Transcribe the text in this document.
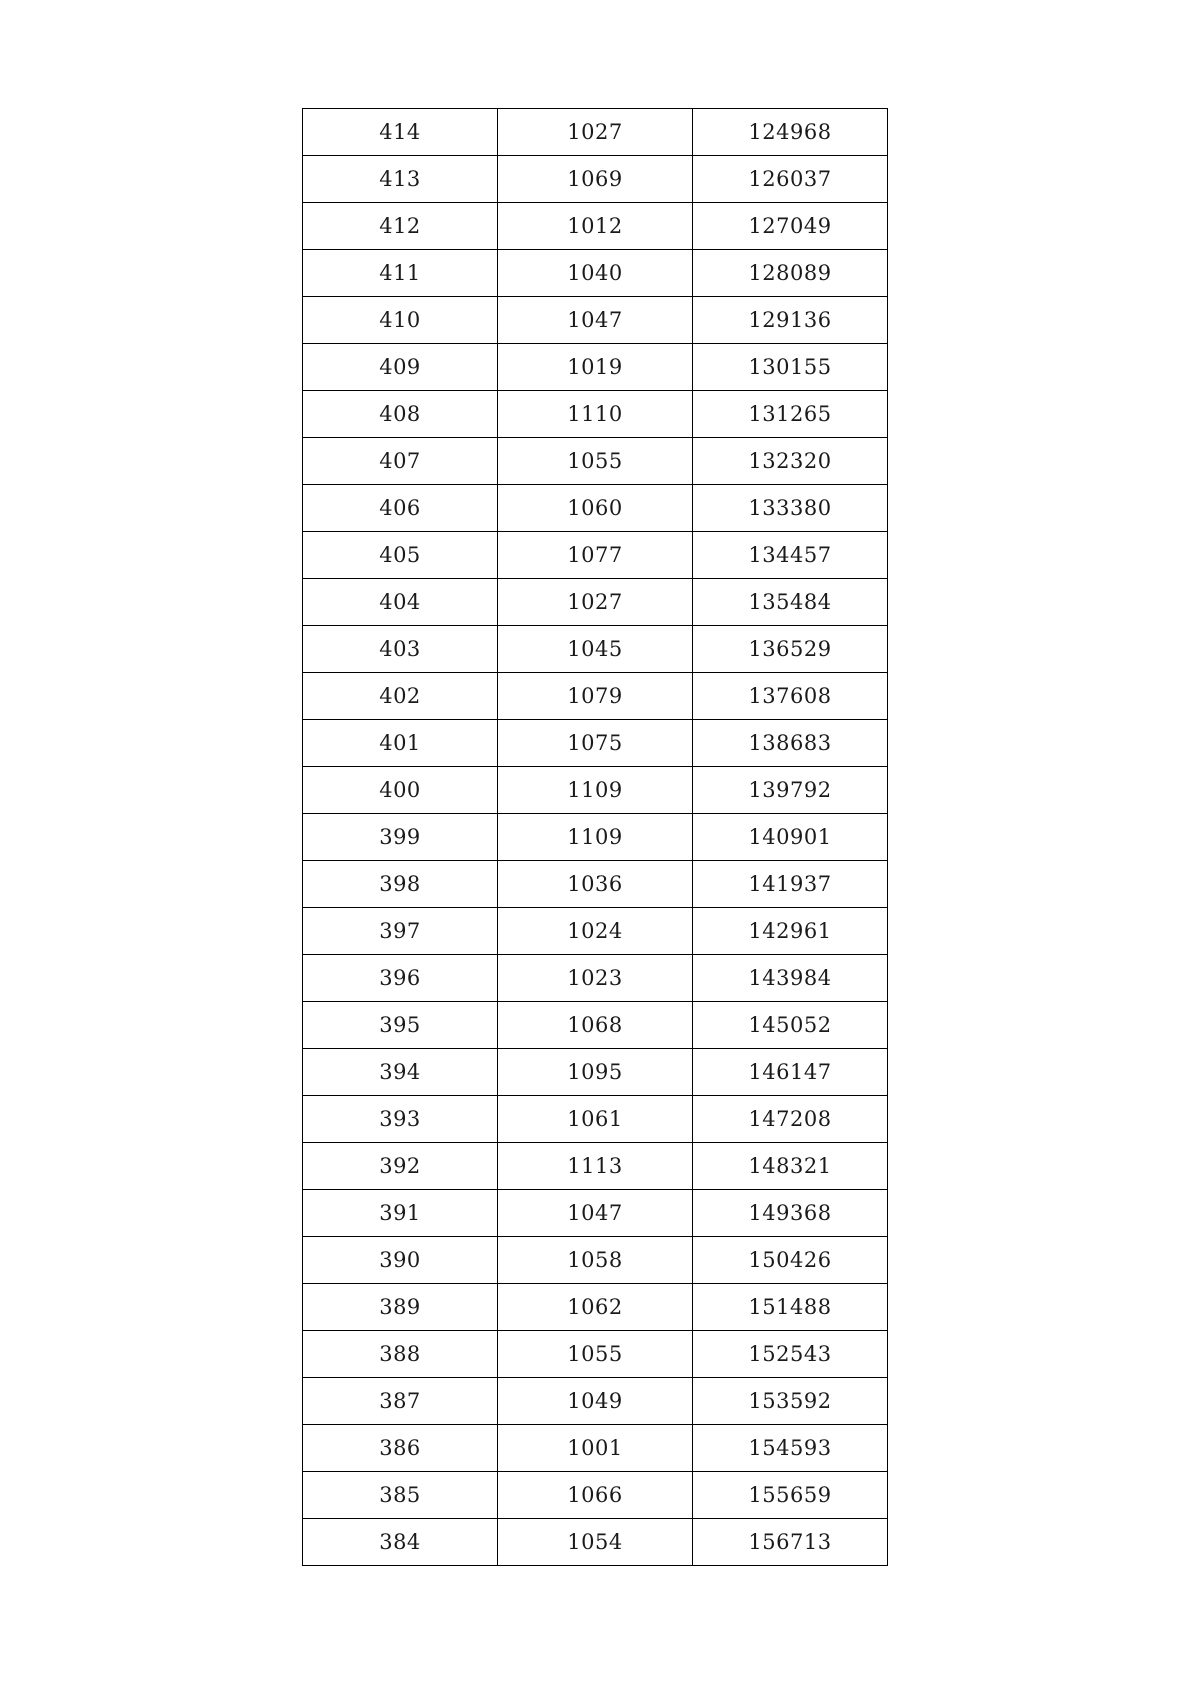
414	1027	124968
413	1069	126037
412	1012	127049
411	1040	128089
410	1047	129136
409	1019	130155
408	1110	131265
407	1055	132320
406	1060	133380
405	1077	134457
404	1027	135484
403	1045	136529
402	1079	137608
401	1075	138683
400	1109	139792
399	1109	140901
398	1036	141937
397	1024	142961
396	1023	143984
395	1068	145052
394	1095	146147
393	1061	147208
392	1113	148321
391	1047	149368
390	1058	150426
389	1062	151488
388	1055	152543
387	1049	153592
386	1001	154593
385	1066	155659
384	1054	156713
